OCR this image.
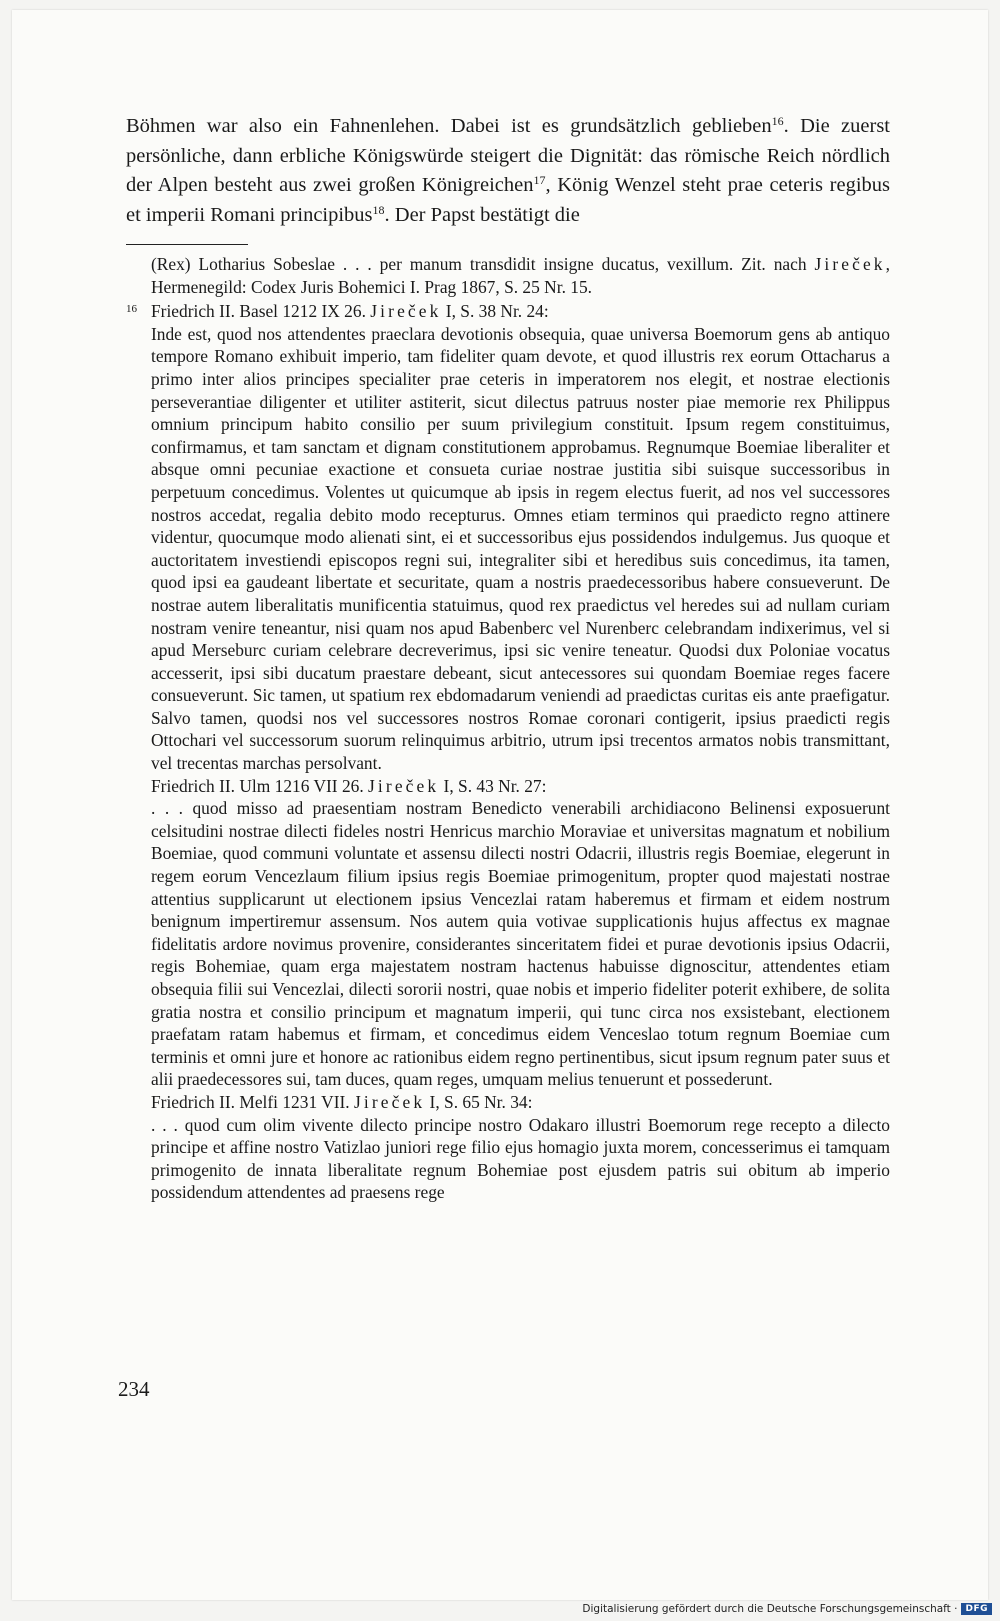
Böhmen war also ein Fahnenlehen. Dabei ist es grundsätzlich geblieben$^{16}$. Die zuerst persönliche, dann erbliche Königswürde steigert die Dignität: das römische Reich nördlich der Alpen besteht aus zwei großen Königreichen$^{17}$, König Wenzel steht prae ceteris regibus et imperii Romani principibus$^{18}$. Der Papst bestätigt die

(Rex) Lotharius Sobeslae . . . per manum transdidit insigne ducatus, vexillum. Zit. nach Jireček, Hermenegild: Codex Juris Bohemici I. Prag 1867, S. 25 Nr. 15.

16 Friedrich II. Basel 1212 IX 26. Jireček I, S. 38 Nr. 24:

Inde est, quod nos attendentes praeclara devotionis obsequia, quae universa Boemorum gens ab antiquo tempore Romano exhibuit imperio, tam fideliter quam devote, et quod illustris rex eorum Ottacharus a primo inter alios principes specialiter prae ceteris in imperatorem nos elegit, et nostrae electionis perseverantiae diligenter et utiliter astiterit, sicut dilectus patruus noster piae memorie rex Philippus omnium principum habito consilio per suum privilegium constituit. Ipsum regem constituimus, confirmamus, et tam sanctam et dignam constitutionem approbamus. Regnumque Boemiae liberaliter et absque omni pecuniae exactione et consueta curiae nostrae justitia sibi suisque successoribus in perpetuum concedimus. Volentes ut quicumque ab ipsis in regem electus fuerit, ad nos vel successores nostros accedat, regalia debito modo recepturus. Omnes etiam terminos qui praedicto regno attinere videntur, quocumque modo alienati sint, ei et successoribus ejus possidendos indulgemus. Jus quoque et auctoritatem investiendi episcopos regni sui, integraliter sibi et heredibus suis concedimus, ita tamen, quod ipsi ea gaudeant libertate et securitate, quam a nostris praedecessoribus habere consueverunt. De nostrae autem liberalitatis munificentia statuimus, quod rex praedictus vel heredes sui ad nullam curiam nostram venire teneantur, nisi quam nos apud Babenberc vel Nurenberc celebrandam indixerimus, vel si apud Merseburc curiam celebrare decreverimus, ipsi sic venire teneatur. Quodsi dux Poloniae vocatus accesserit, ipsi sibi ducatum praestare debeant, sicut antecessores sui quondam Boemiae reges facere consueverunt. Sic tamen, ut spatium rex ebdomadarum veniendi ad praedictas curitas eis ante praefigatur. Salvo tamen, quodsi nos vel successores nostros Romae coronari contigerit, ipsius praedicti regis Ottochari vel successorum suorum relinquimus arbitrio, utrum ipsi trecentos armatos nobis transmittant, vel trecentas marchas persolvant.

Friedrich II. Ulm 1216 VII 26. Jireček I, S. 43 Nr. 27:

. . . quod misso ad praesentiam nostram Benedicto venerabili archidiacono Belinensi exposuerunt celsitudini nostrae dilecti fideles nostri Henricus marchio Moraviae et universitas magnatum et nobilium Boemiae, quod communi voluntate et assensu dilecti nostri Odacrii, illustris regis Boemiae, elegerunt in regem eorum Vencezlaum filium ipsius regis Boemiae primogenitum, propter quod majestati nostrae attentius supplicarunt ut electionem ipsius Vencezlai ratam haberemus et firmam et eidem nostrum benignum impertiremur assensum. Nos autem quia votivae supplicationis hujus affectus ex magnae fidelitatis ardore novimus provenire, considerantes sinceritatem fidei et purae devotionis ipsius Odacrii, regis Bohemiae, quam erga majestatem nostram hactenus habuisse dignoscitur, attendentes etiam obsequia filii sui Vencezlai, dilecti sororii nostri, quae nobis et imperio fideliter poterit exhibere, de solita gratia nostra et consilio principum et magnatum imperii, qui tunc circa nos exsistebant, electionem praefatam ratam habemus et firmam, et concedimus eidem Venceslao totum regnum Boemiae cum terminis et omni jure et honore ac rationibus eidem regno pertinentibus, sicut ipsum regnum pater suus et alii praedecessores sui, tam duces, quam reges, umquam melius tenuerunt et possederunt.

Friedrich II. Melfi 1231 VII. Jireček I, S. 65 Nr. 34:

. . . quod cum olim vivente dilecto principe nostro Odakaro illustri Boemorum rege recepto a dilecto principe et affine nostro Vatizlao juniori rege filio ejus homagio juxta morem, concesserimus ei tamquam primogenito de innata liberalitate regnum Bohemiae post ejusdem patris sui obitum ab imperio possidendum attendentes ad praesens rege

234
Digitalisierung gefördert durch die Deutsche Forschungsgemeinschaft · DFG
